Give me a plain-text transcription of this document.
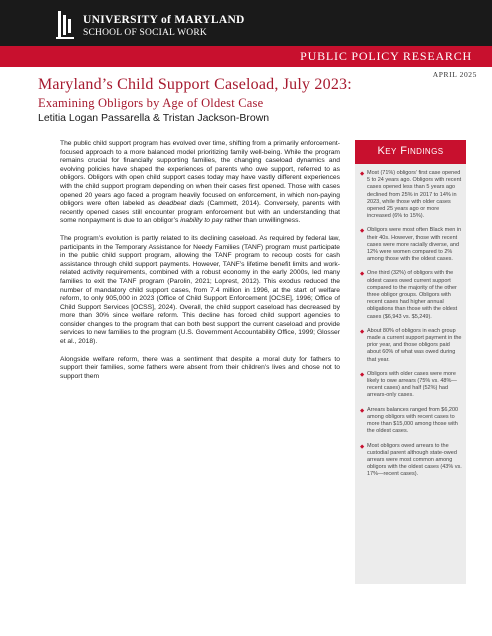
UNIVERSITY of MARYLAND
SCHOOL OF SOCIAL WORK
PUBLIC POLICY RESEARCH
APRIL 2025
Maryland’s Child Support Caseload, July 2023:
Examining Obligors by Age of Oldest Case
Letitia Logan Passarella & Tristan Jackson-Brown

The public child support program has evolved over time, shifting from a primarily enforcement-focused approach to a more balanced model prioritizing family well-being. While the program remains crucial for financially supporting families, the changing caseload dynamics and evolving policies have shaped the experiences of parents who owe support, referred to as obligors. Obligors with open child support cases today may have vastly different experiences with the child support program depending on when their cases first opened. Those with cases opened 20 years ago faced a program heavily focused on enforcement, in which non-paying obligors were often labeled as deadbeat dads (Cammett, 2014). Conversely, parents with recently opened cases still encounter program enforcement but with an understanding that some nonpayment is due to an obligor’s inability to pay rather than unwillingness.

The program’s evolution is partly related to its declining caseload. As required by federal law, participants in the Temporary Assistance for Needy Families (TANF) program must participate in the public child support program, allowing the TANF program to recoup costs for cash assistance through child support payments. However, TANF’s lifetime benefit limits and work-related activity requirements, combined with a robust economy in the early 2000s, led many families to exit the TANF program (Parolin, 2021; Loprest, 2012). This exodus reduced the number of mandatory child support cases, from 7.4 million in 1996, at the start of welfare reform, to only 905,000 in 2023 (Office of Child Support Enforcement [OCSE], 1996; Office of Child Support Services [OCSS], 2024). Overall, the child support caseload has decreased by more than 30% since welfare reform. This decline has forced child support agencies to consider changes to the program that can both best support the current caseload and provide services to new families to the program (U.S. Government Accountability Office, 1999; Glosser et al., 2018).

Alongside welfare reform, there was a sentiment that despite a moral duty for fathers to support their families, some fathers were absent from their children’s lives and chose not to support them

Key Findings
◆ Most (71%) obligors’ first case opened 5 to 24 years ago. Obligors with recent cases opened less than 5 years ago declined from 25% in 2017 to 14% in 2023, while those with older cases opened 25 years ago or more increased (6% to 15%).
◆ Obligors were most often Black men in their 40s. However, those with recent cases were more racially diverse, and 12% were women compared to 2% among those with the oldest cases.
◆ One third (32%) of obligors with the oldest cases owed current support compared to the majority of the other three obligor groups. Obligors with recent cases had higher annual obligations than those with the oldest cases ($6,943 vs. $5,249).
◆ About 80% of obligors in each group made a current support payment in the prior year, and those obligors paid about 60% of what was owed during that year.
◆ Obligors with older cases were more likely to owe arrears (75% vs. 48%—recent cases) and half (52%) had arrears-only cases.
◆ Arrears balances ranged from $6,200 among obligors with recent cases to more than $15,000 among those with the oldest cases.
◆ Most obligors owed arrears to the custodial parent although state-owed arrears were most common among obligors with the oldest cases (43% vs. 17%—recent cases).
